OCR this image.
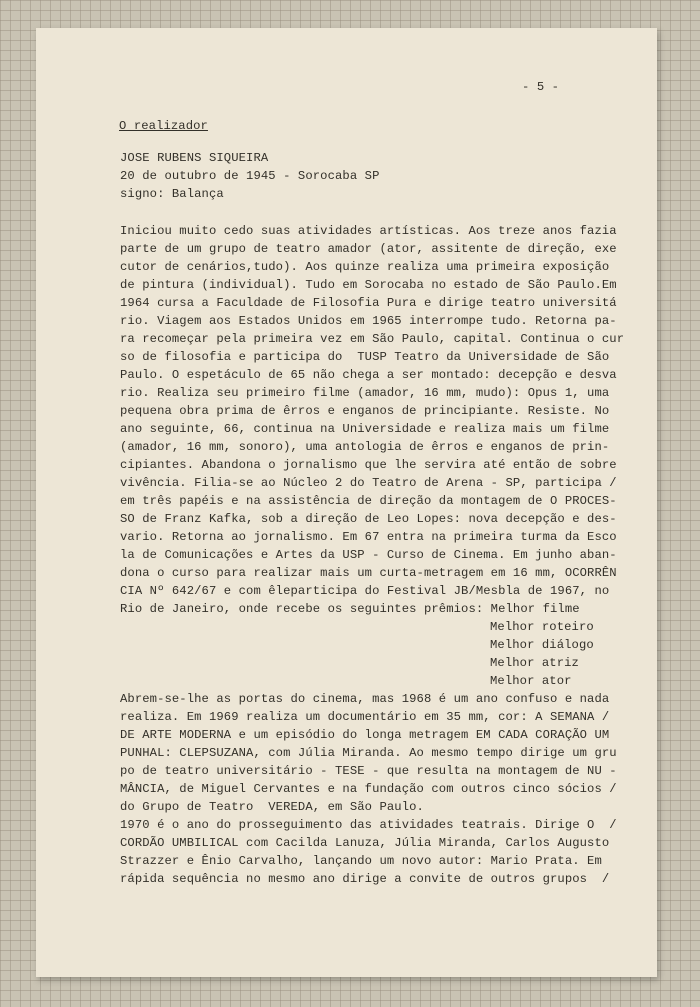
- 5 -
O realizador
JOSE RUBENS SIQUEIRA
20 de outubro de 1945 - Sorocaba SP
signo: Balança
Iniciou muito cedo suas atividades artísticas. Aos treze anos fazia
parte de um grupo de teatro amador (ator, assitente de direção, exe
cutor de cenários,tudo). Aos quinze realiza uma primeira exposição
de pintura (individual). Tudo em Sorocaba no estado de São Paulo.Em
1964 cursa a Faculdade de Filosofia Pura e dirige teatro universitá
rio. Viagem aos Estados Unidos em 1965 interrompe tudo. Retorna pa-
ra recomeçar pela primeira vez em São Paulo, capital. Continua o cur
so de filosofia e participa do  TUSP Teatro da Universidade de São
Paulo. O espetáculo de 65 não chega a ser montado: decepção e desva
rio. Realiza seu primeiro filme (amador, 16 mm, mudo): Opus 1, uma
pequena obra prima de êrros e enganos de principiante. Resiste. No
ano seguinte, 66, continua na Universidade e realiza mais um filme
(amador, 16 mm, sonoro), uma antologia de êrros e enganos de prin-
cipiantes. Abandona o jornalismo que lhe servira até então de sobre
vivência. Filia-se ao Núcleo 2 do Teatro de Arena - SP, participa /
em três papéis e na assistência de direção da montagem de O PROCES-
SO de Franz Kafka, sob a direção de Leo Lopes: nova decepção e des-
vario. Retorna ao jornalismo. Em 67 entra na primeira turma da Esco
la de Comunicações e Artes da USP - Curso de Cinema. Em junho aban-
dona o curso para realizar mais um curta-metragem em 16 mm, OCORRÊN
CIA Nº 642/67 e com êleparticipa do Festival JB/Mesbla de 1967, no
Rio de Janeiro, onde recebe os seguintes prêmios: Melhor filme
Melhor roteiro
Melhor diálogo
Melhor atriz
Melhor ator
Abrem-se-lhe as portas do cinema, mas 1968 é um ano confuso e nada
realiza. Em 1969 realiza um documentário em 35 mm, cor: A SEMANA /
DE ARTE MODERNA e um episódio do longa metragem EM CADA CORAÇÃO UM
PUNHAL: CLEPSUZANA, com Júlia Miranda. Ao mesmo tempo dirige um gru
po de teatro universitário - TESE - que resulta na montagem de NU -
MÂNCIA, de Miguel Cervantes e na fundação com outros cinco sócios /
do Grupo de Teatro  VEREDA, em São Paulo.
1970 é o ano do prosseguimento das atividades teatrais. Dirige O  /
CORDÃO UMBILICAL com Cacilda Lanuza, Júlia Miranda, Carlos Augusto
Strazzer e Ênio Carvalho, lançando um novo autor: Mario Prata. Em
rápida sequência no mesmo ano dirige a convite de outros grupos  /
